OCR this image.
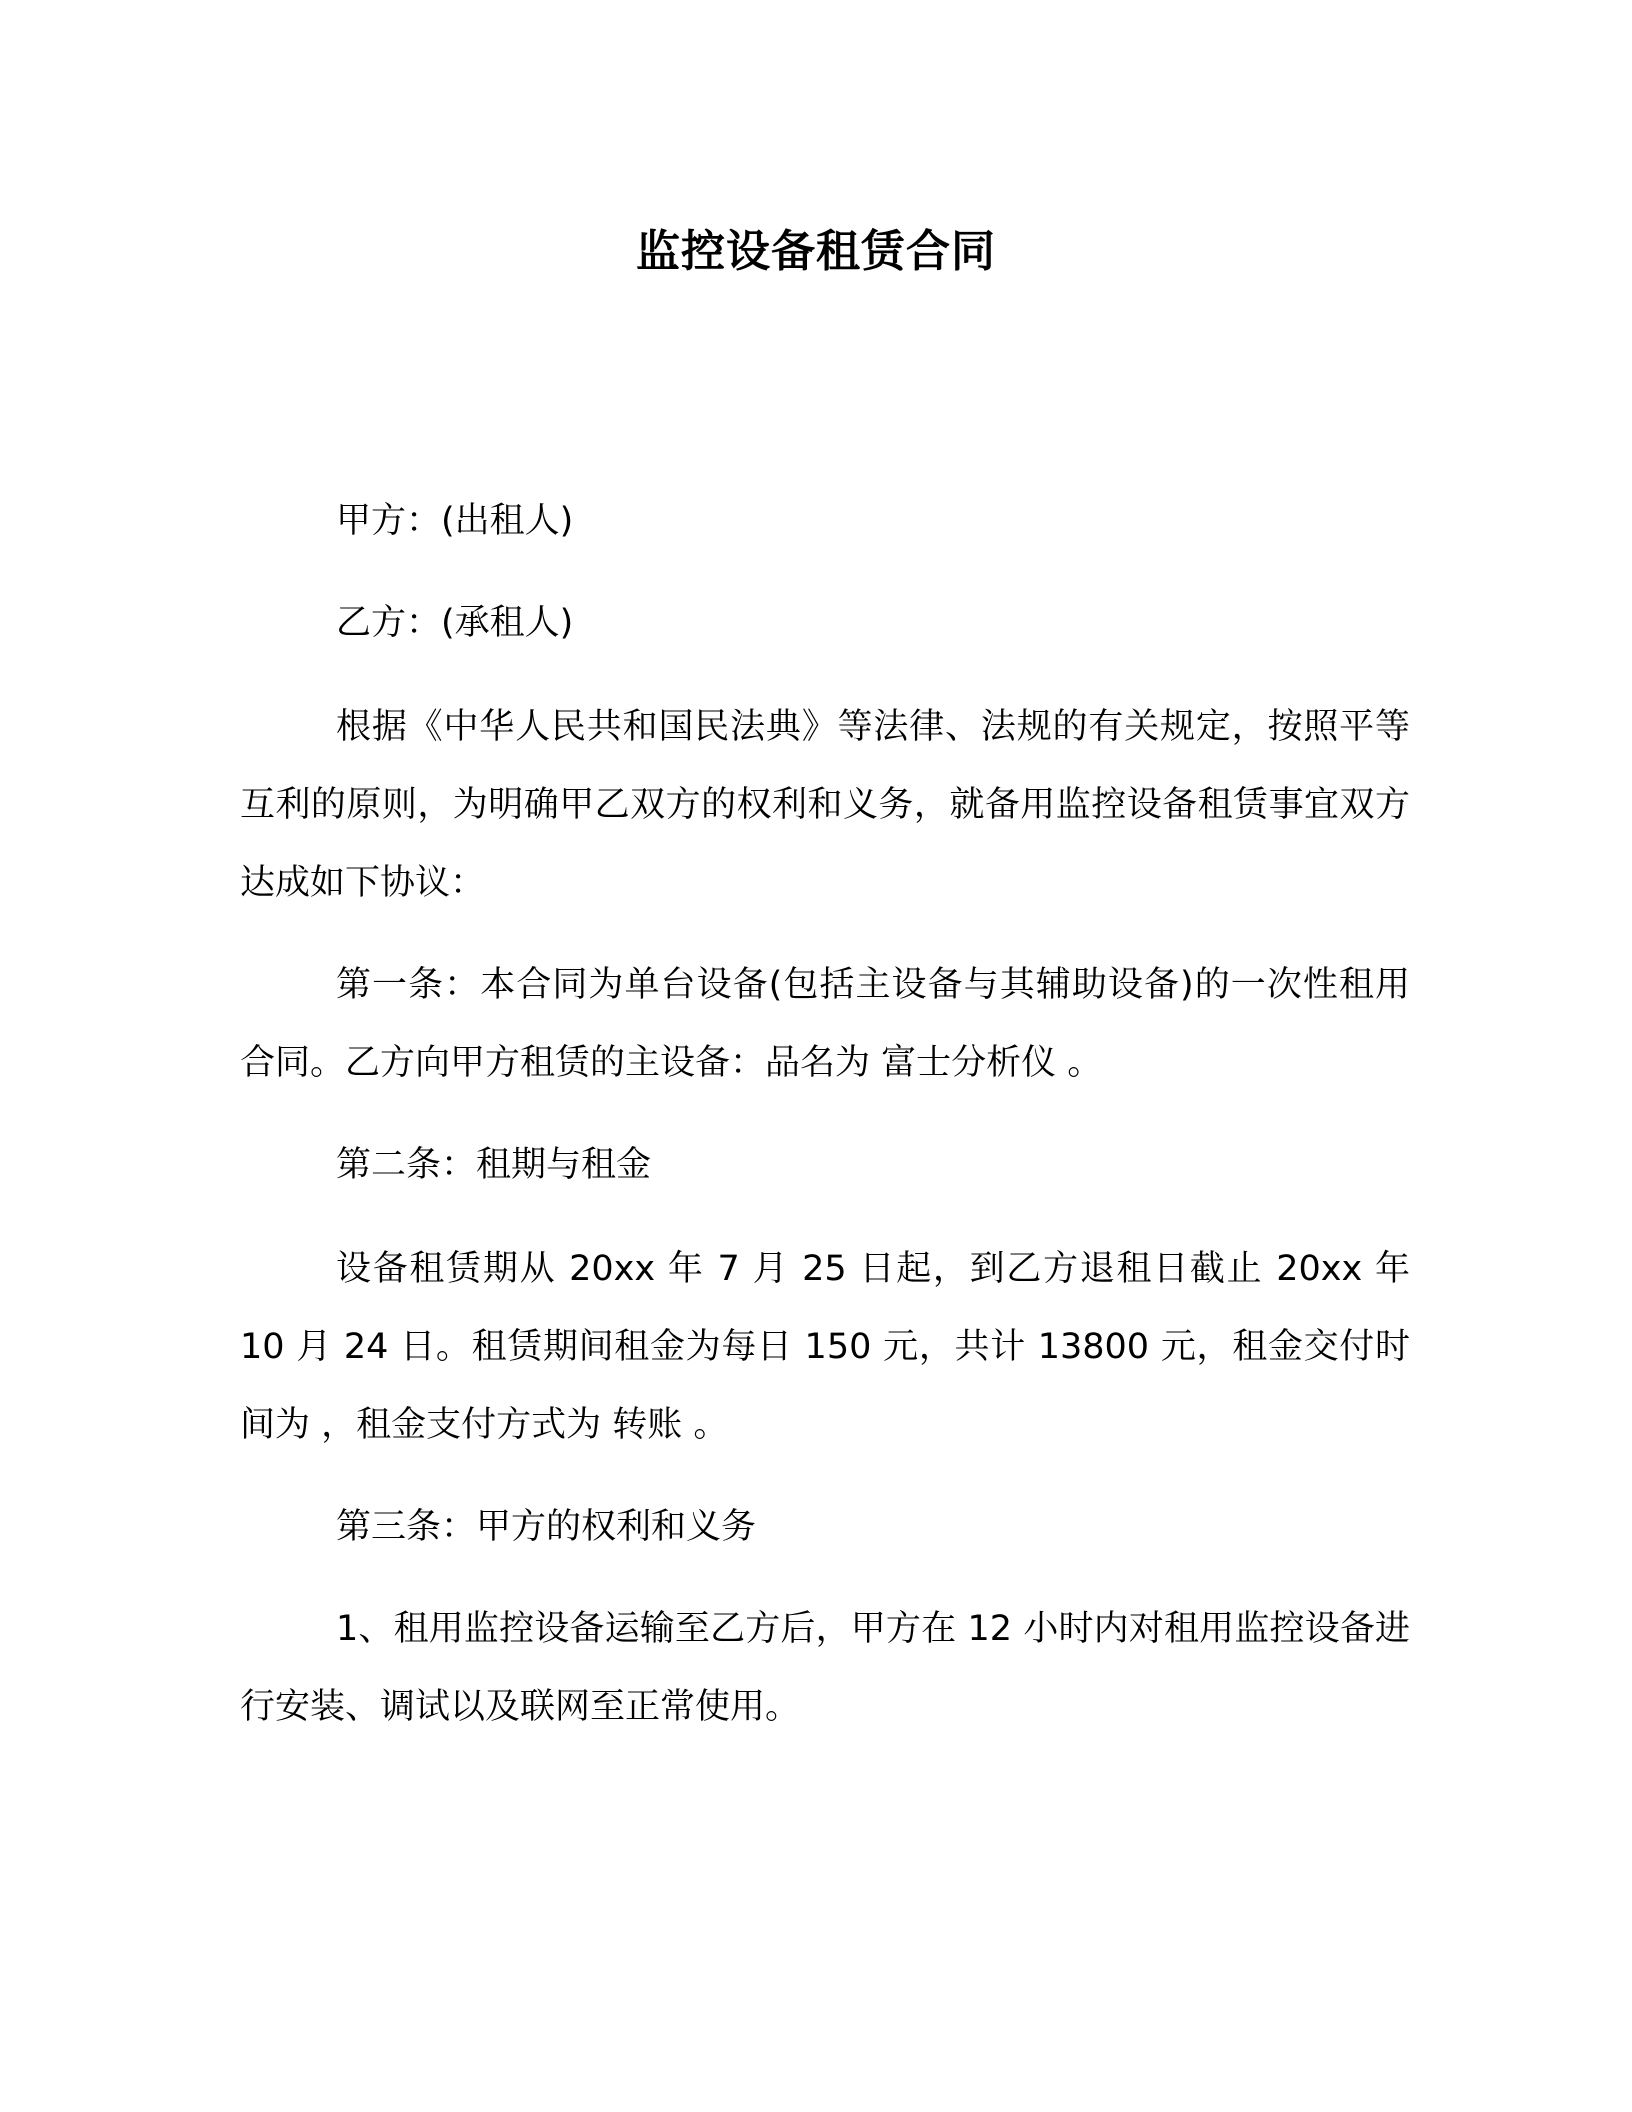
监控设备租赁合同

甲方：(出租人)

乙方：(承租人)

根据《中华人民共和国民法典》等法律、法规的有关规定，按照平等互利的原则，为明确甲乙双方的权利和义务，就备用监控设备租赁事宜双方达成如下协议：

第一条：本合同为单台设备(包括主设备与其辅助设备)的一次性租用合同。乙方向甲方租赁的主设备：品名为 富士分析仪 。

第二条：租期与租金

设备租赁期从 20xx 年 7 月 25 日起，到乙方退租日截止 20xx 年 10 月 24 日。租赁期间租金为每日 150 元，共计 13800 元，租金交付时间为 ，租金支付方式为 转账 。

第三条：甲方的权利和义务

1、租用监控设备运输至乙方后，甲方在 12 小时内对租用监控设备进行安装、调试以及联网至正常使用。
